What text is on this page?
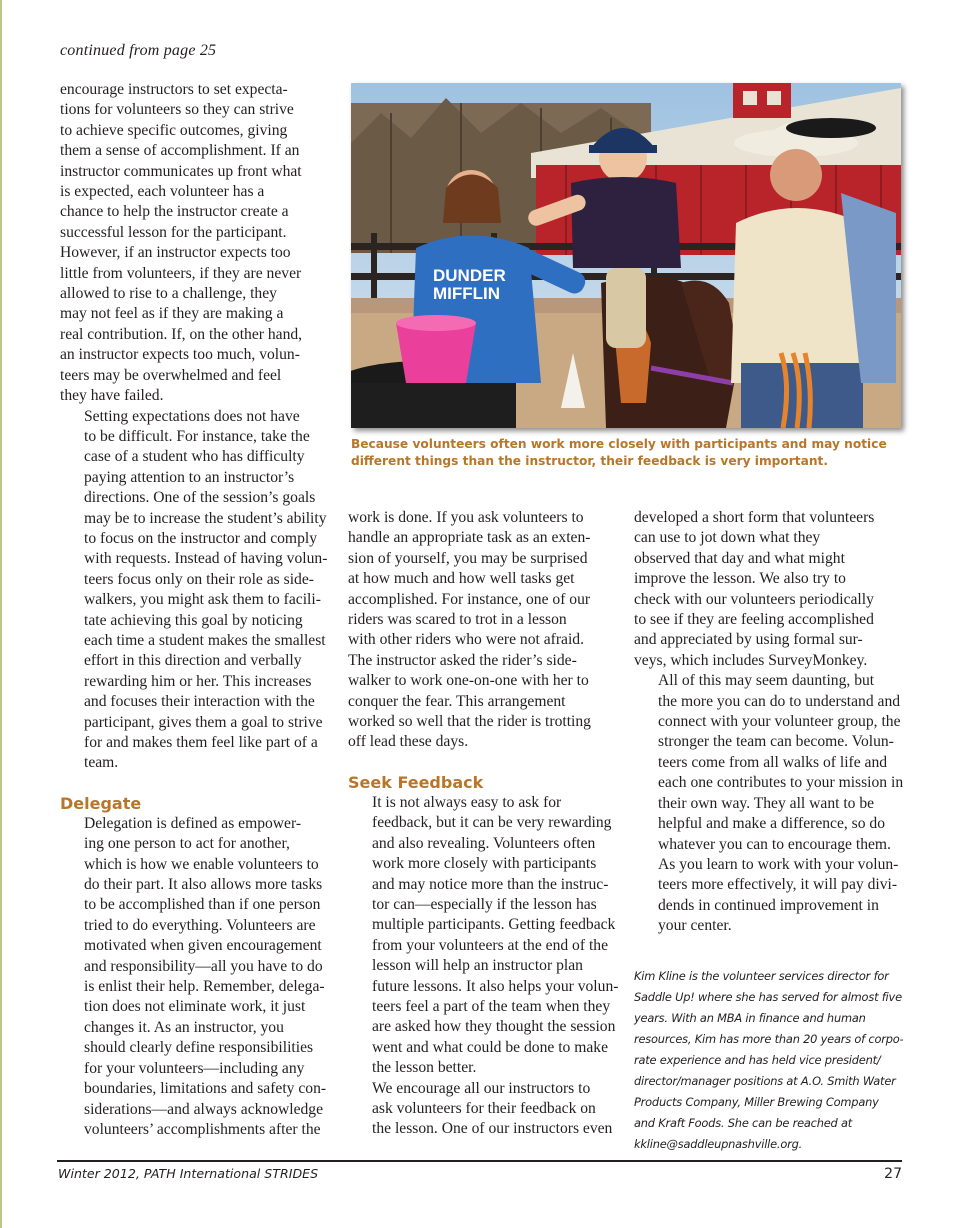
continued from page 25

encourage instructors to set expecta-
tions for volunteers so they can strive
to achieve specific outcomes, giving
them a sense of accomplishment. If an
instructor communicates up front what
is expected, each volunteer has a
chance to help the instructor create a
successful lesson for the participant.
However, if an instructor expects too
little from volunteers, if they are never
allowed to rise to a challenge, they
may not feel as if they are making a
real contribution. If, on the other hand,
an instructor expects too much, volun-
teers may be overwhelmed and feel
they have failed.

Setting expectations does not have
to be difficult. For instance, take the
case of a student who has difficulty
paying attention to an instructor’s
directions. One of the session’s goals
may be to increase the student’s ability
to focus on the instructor and comply
with requests. Instead of having volun-
teers focus only on their role as side-
walkers, you might ask them to facili-
tate achieving this goal by noticing
each time a student makes the smallest
effort in this direction and verbally
rewarding him or her. This increases
and focuses their interaction with the
participant, gives them a goal to strive
for and makes them feel like part of a
team.

Delegate

Delegation is defined as empower-
ing one person to act for another,
which is how we enable volunteers to
do their part. It also allows more tasks
to be accomplished than if one person
tried to do everything. Volunteers are
motivated when given encouragement
and responsibility—all you have to do
is enlist their help. Remember, delega-
tion does not eliminate work, it just
changes it. As an instructor, you
should clearly define responsibilities
for your volunteers—including any
boundaries, limitations and safety con-
siderations—and always acknowledge
volunteers’ accomplishments after the

DUNDER
MIFFLIN
Because volunteers often work more closely with participants and may notice
different things than the instructor, their feedback is very important.

work is done. If you ask volunteers to
handle an appropriate task as an exten-
sion of yourself, you may be surprised
at how much and how well tasks get
accomplished. For instance, one of our
riders was scared to trot in a lesson
with other riders who were not afraid.
The instructor asked the rider’s side-
walker to work one-on-one with her to
conquer the fear. This arrangement
worked so well that the rider is trotting
off lead these days.

Seek Feedback

It is not always easy to ask for
feedback, but it can be very rewarding
and also revealing. Volunteers often
work more closely with participants
and may notice more than the instruc-
tor can—especially if the lesson has
multiple participants. Getting feedback
from your volunteers at the end of the
lesson will help an instructor plan
future lessons. It also helps your volun-
teers feel a part of the team when they
are asked how they thought the session
went and what could be done to make
the lesson better.

We encourage all our instructors to
ask volunteers for their feedback on
the lesson. One of our instructors even

developed a short form that volunteers
can use to jot down what they
observed that day and what might
improve the lesson. We also try to
check with our volunteers periodically
to see if they are feeling accomplished
and appreciated by using formal sur-
veys, which includes SurveyMonkey.

All of this may seem daunting, but
the more you can do to understand and
connect with your volunteer group, the
stronger the team can become. Volun-
teers come from all walks of life and
each one contributes to your mission in
their own way. They all want to be
helpful and make a difference, so do
whatever you can to encourage them.
As you learn to work with your volun-
teers more effectively, it will pay divi-
dends in continued improvement in
your center.

Kim Kline is the volunteer services director for
Saddle Up! where she has served for almost five
years. With an MBA in finance and human
resources, Kim has more than 20 years of corpo-
rate experience and has held vice president/
director/manager positions at A.O. Smith Water
Products Company, Miller Brewing Company
and Kraft Foods. She can be reached at
kkline@saddleupnashville.org.
Winter 2012, PATH International STRIDES	27
